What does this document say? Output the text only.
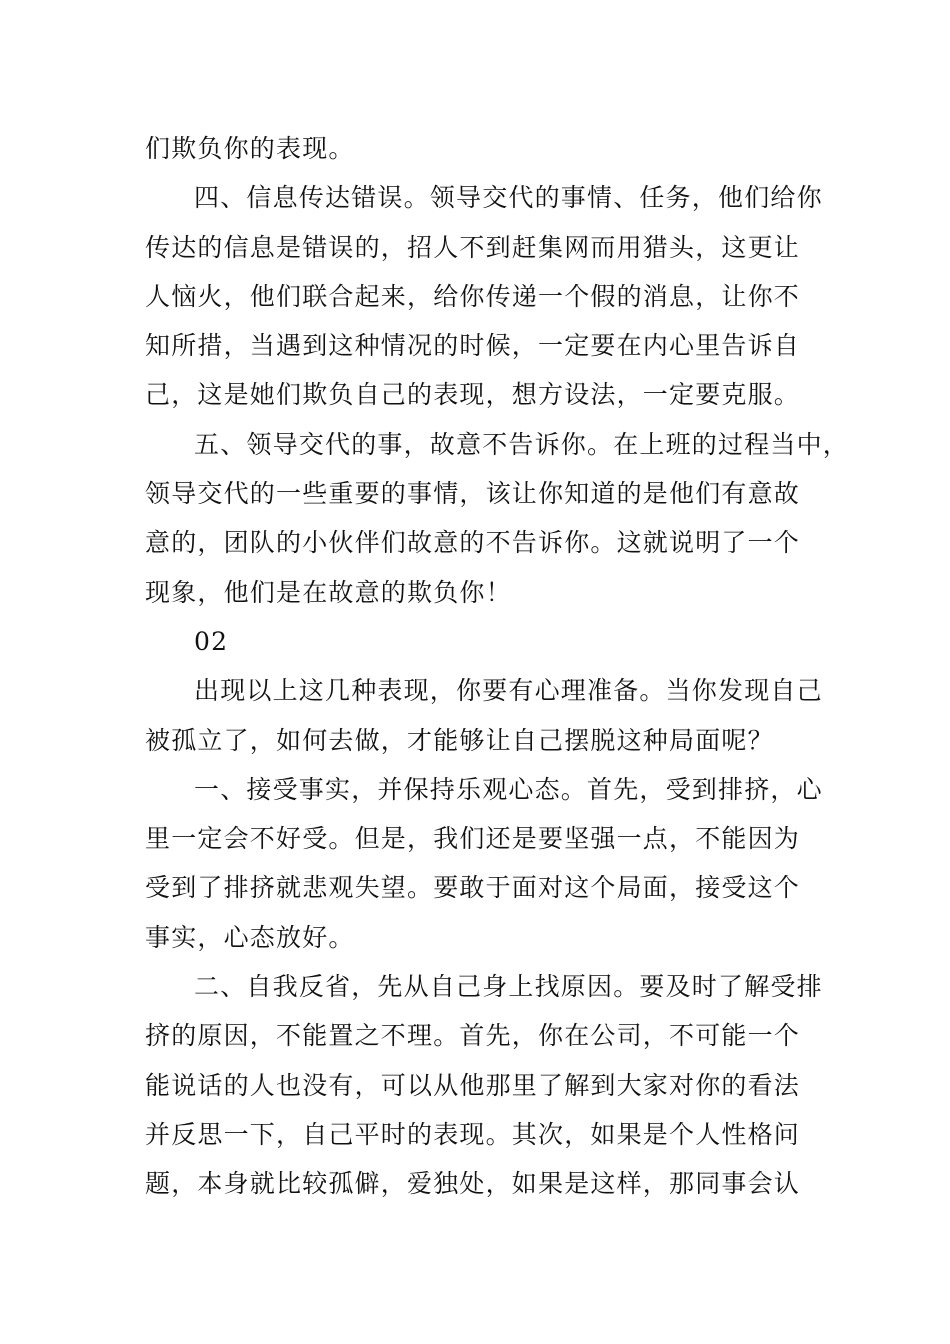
们欺负你的表现。
四、信息传达错误。领导交代的事情、任务，他们给你
传达的信息是错误的，招人不到赶集网而用猎头，这更让
人恼火，他们联合起来，给你传递一个假的消息，让你不
知所措，当遇到这种情况的时候，一定要在内心里告诉自
己，这是她们欺负自己的表现，想方设法，一定要克服。
五、领导交代的事，故意不告诉你。在上班的过程当中，
领导交代的一些重要的事情，该让你知道的是他们有意故
意的，团队的小伙伴们故意的不告诉你。这就说明了一个
现象，他们是在故意的欺负你！
02
出现以上这几种表现，你要有心理准备。当你发现自己
被孤立了，如何去做，才能够让自己摆脱这种局面呢？
一、接受事实，并保持乐观心态。首先，受到排挤，心
里一定会不好受。但是，我们还是要坚强一点，不能因为
受到了排挤就悲观失望。要敢于面对这个局面，接受这个
事实，心态放好。
二、自我反省，先从自己身上找原因。要及时了解受排
挤的原因，不能置之不理。首先，你在公司，不可能一个
能说话的人也没有，可以从他那里了解到大家对你的看法
并反思一下，自己平时的表现。其次，如果是个人性格问
题，本身就比较孤僻，爱独处，如果是这样，那同事会认
